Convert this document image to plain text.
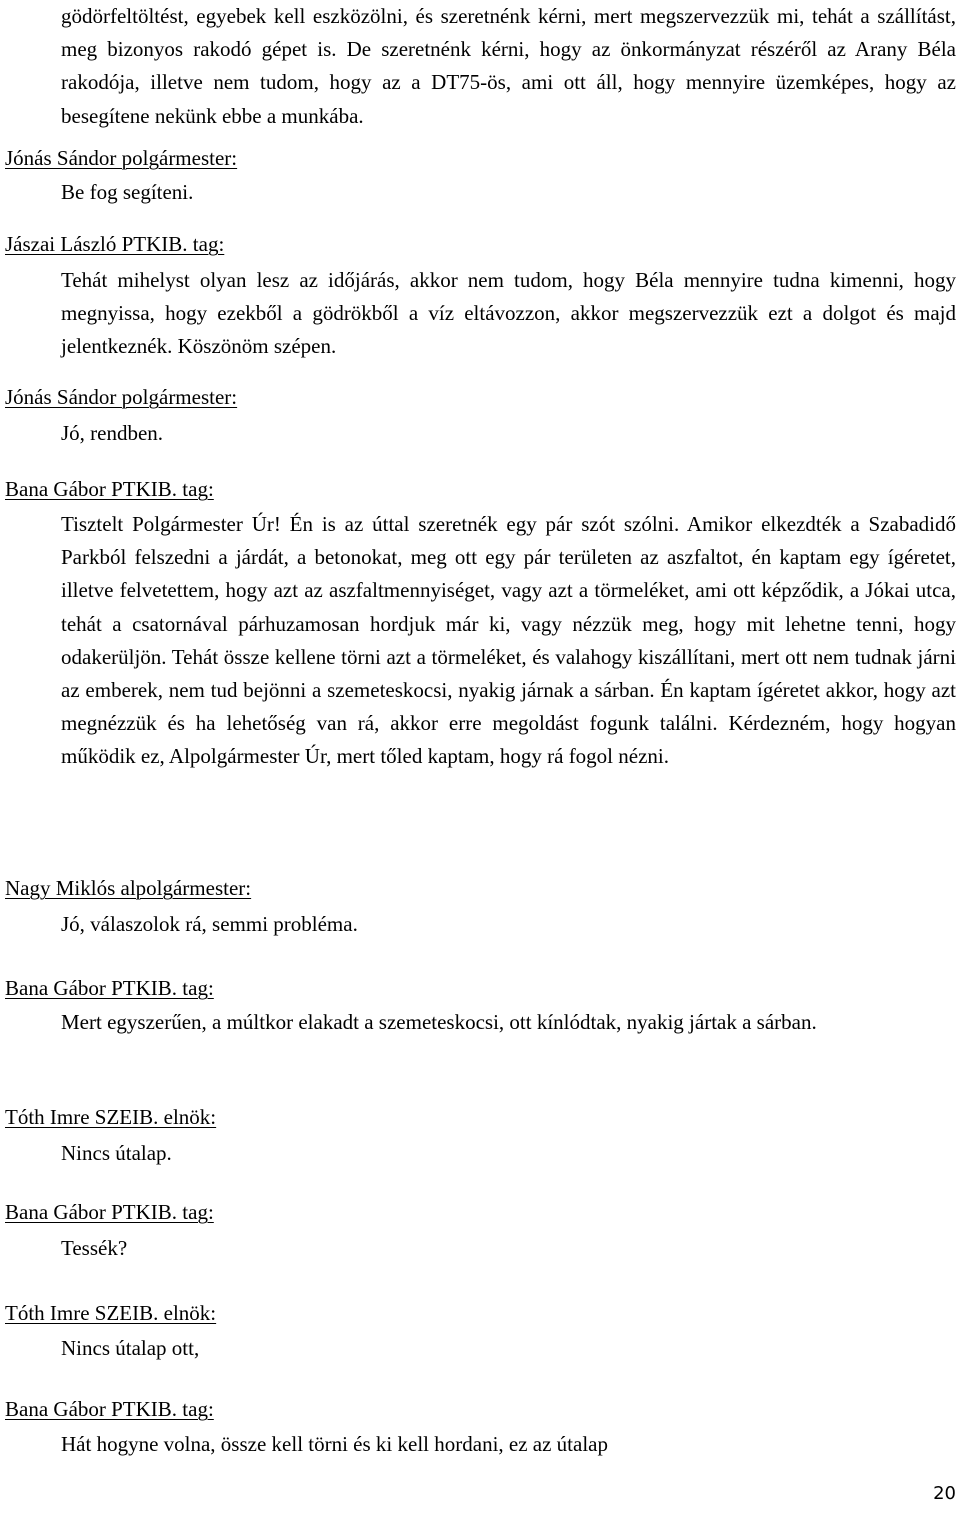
gödörfeltöltést, egyebek kell eszközölni, és szeretnénk kérni, mert megszervezzük mi, tehát a szállítást, meg bizonyos rakodó gépet is. De szeretnénk kérni, hogy az önkormányzat részéről az Arany Béla rakodója, illetve nem tudom, hogy az a DT75-ös, ami ott áll, hogy mennyire üzemképes, hogy az besegítene nekünk ebbe a munkába.
Jónás Sándor polgármester:
Be fog segíteni.
Jászai László PTKIB. tag:
Tehát mihelyst olyan lesz az időjárás, akkor nem tudom, hogy Béla mennyire tudna kimenni, hogy megnyissa, hogy ezekből a gödrökből a víz eltávozzon, akkor megszervezzük ezt a dolgot és majd jelentkeznék. Köszönöm szépen.
Jónás Sándor polgármester:
Jó, rendben.
Bana Gábor PTKIB. tag:
Tisztelt Polgármester Úr! Én is az úttal szeretnék egy pár szót szólni. Amikor elkezdték a Szabadidő Parkból felszedni a járdát, a betonokat, meg ott egy pár területen az aszfaltot, én kaptam egy ígéretet, illetve felvetettem, hogy azt az aszfaltmennyiséget, vagy azt a törmeléket, ami ott képződik, a Jókai utca, tehát a csatornával párhuzamosan hordjuk már ki, vagy nézzük meg, hogy mit lehetne tenni, hogy odakerüljön. Tehát össze kellene törni azt a törmeléket, és valahogy kiszállítani, mert ott nem tudnak járni az emberek, nem tud bejönni a szemeteskocsi, nyakig járnak a sárban. Én kaptam ígéretet akkor, hogy azt megnézzük és ha lehetőség van rá, akkor erre megoldást fogunk találni. Kérdezném, hogy hogyan működik ez, Alpolgármester Úr, mert tőled kaptam, hogy rá fogol nézni.
Nagy Miklós alpolgármester:
Jó, válaszolok rá, semmi probléma.
Bana Gábor PTKIB. tag:
Mert egyszerűen, a múltkor elakadt a szemeteskocsi, ott kínlódtak, nyakig jártak a sárban.
Tóth Imre SZEIB. elnök:
Nincs útalap.
Bana Gábor PTKIB. tag:
Tessék?
Tóth Imre SZEIB. elnök:
Nincs útalap ott,
Bana Gábor PTKIB. tag:
Hát hogyne volna, össze kell törni és ki kell hordani, ez az útalap
20
